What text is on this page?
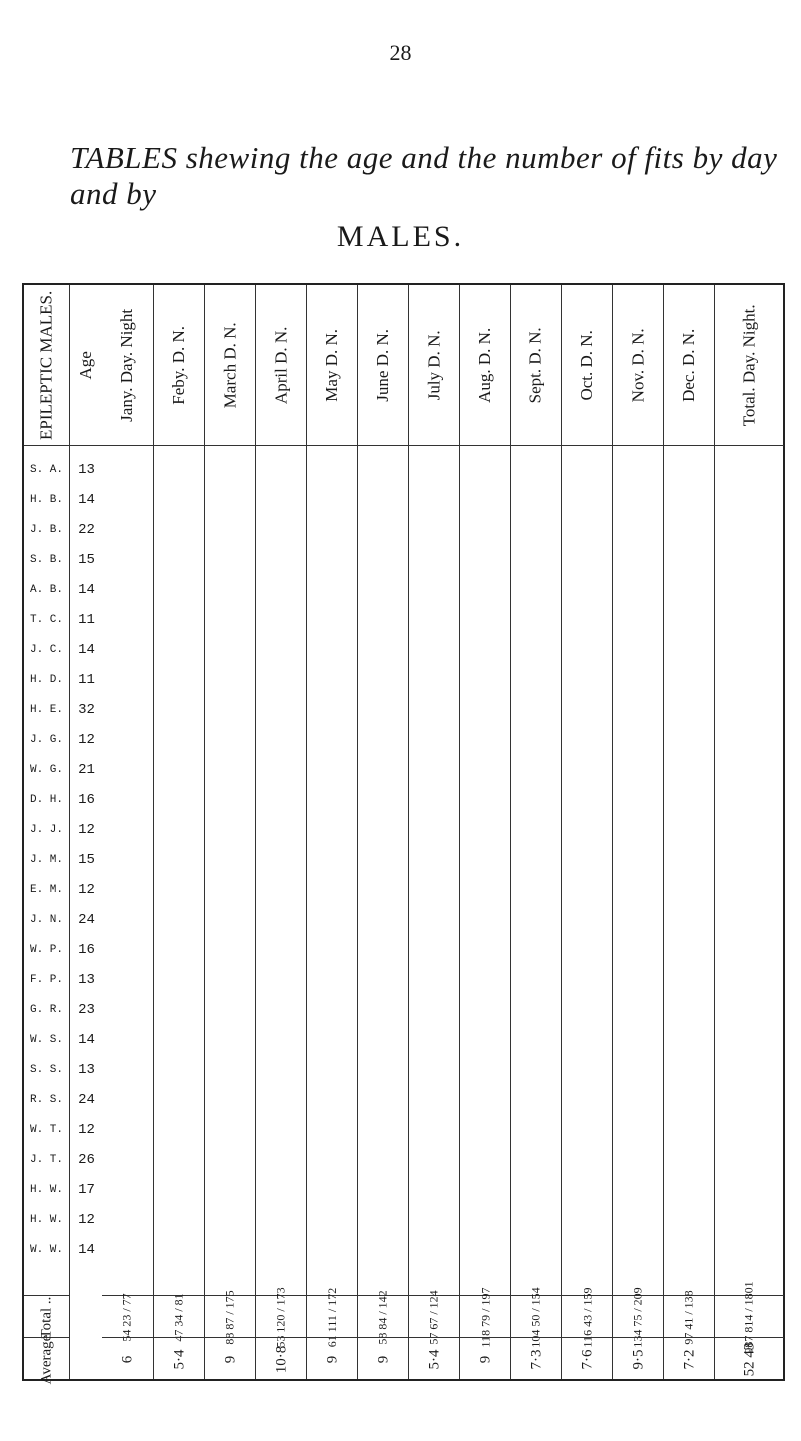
28
TABLES shewing the age and the number of fits by day and by
MALES.
EPILEPTIC MALES.
S. A.
H. B.
J. B.
S. B.
A. B.
T. C.
J. C.
H. D.
H. E.
J. G.
W. G.
D. H.
J. J.
J. M.
E. M.
J. N.
W. P.
F. P.
G. R.
W. S.
S. S.
R. S.
W. T.
J. T.
H. W.
H. W.
W. W.
Total ..
Average
Age
13
14
22
15
14
11
14
11
32
12
21
16
12
15
12
24
16
13
23
14
13
24
12
26
17
12
14
Jany. Day. Night
54 23 / 77
6
Feby. D. N.
47 34 / 81
5·4
March D. N.
88 87 / 175
9
April D. N.
53 120 / 173
10·8
May D. N.
61 111 / 172
9
June D. N.
58 84 / 142
9
July D. N.
57 67 / 124
5·4
Aug. D. N.
118 79 / 197
9
Sept. D. N.
104 50 / 154
7·3
Oct. D. N.
116 43 / 159
7·6
Nov. D. N.
134 75 / 209
9·5
Dec. D. N.
97 41 / 138
7·2
Total. Day. Night.
987 814 / 1801
52 43
